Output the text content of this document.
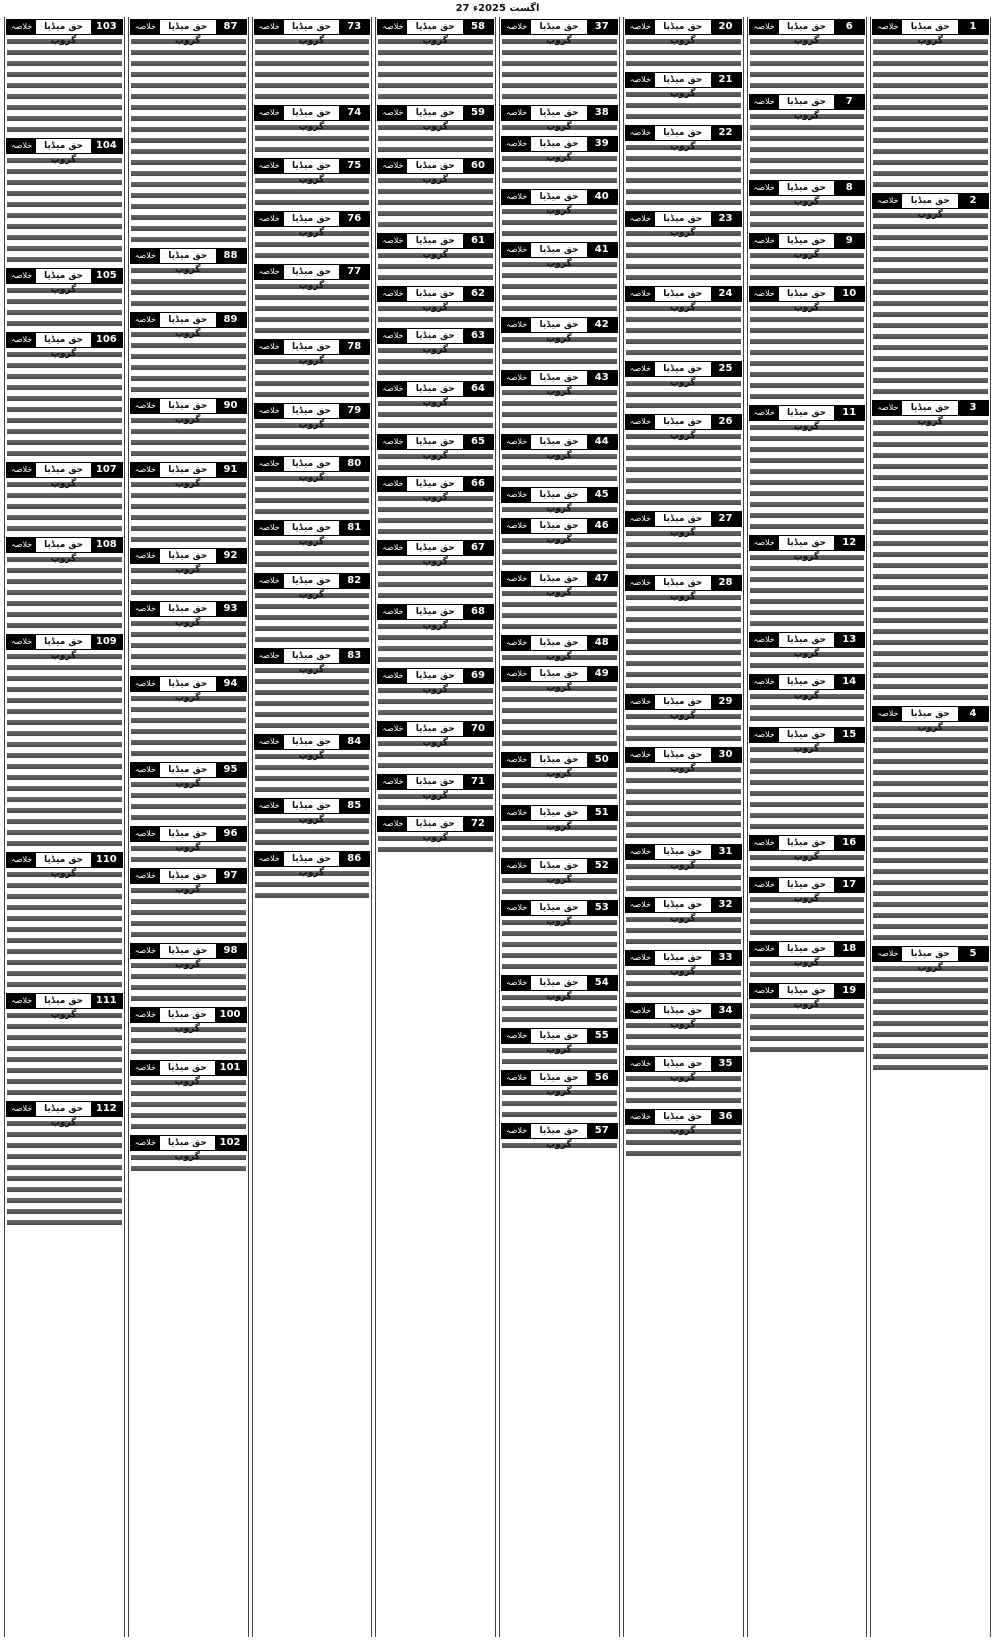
27 اگست 2025ء
1
حق میڈیا گروپ
خلاصہ
2
حق میڈیا گروپ
خلاصہ
3
حق میڈیا گروپ
خلاصہ
4
حق میڈیا گروپ
خلاصہ
5
حق میڈیا گروپ
خلاصہ
6
حق میڈیا گروپ
خلاصہ
7
حق میڈیا گروپ
خلاصہ
8
حق میڈیا گروپ
خلاصہ
9
حق میڈیا گروپ
خلاصہ
10
حق میڈیا گروپ
خلاصہ
11
حق میڈیا گروپ
خلاصہ
12
حق میڈیا گروپ
خلاصہ
13
حق میڈیا گروپ
خلاصہ
14
حق میڈیا گروپ
خلاصہ
15
حق میڈیا گروپ
خلاصہ
16
حق میڈیا گروپ
خلاصہ
17
حق میڈیا گروپ
خلاصہ
18
حق میڈیا گروپ
خلاصہ
19
حق میڈیا گروپ
خلاصہ
20
حق میڈیا گروپ
خلاصہ
21
حق میڈیا گروپ
خلاصہ
22
حق میڈیا گروپ
خلاصہ
23
حق میڈیا گروپ
خلاصہ
24
حق میڈیا گروپ
خلاصہ
25
حق میڈیا گروپ
خلاصہ
26
حق میڈیا گروپ
خلاصہ
27
حق میڈیا گروپ
خلاصہ
28
حق میڈیا گروپ
خلاصہ
29
حق میڈیا گروپ
خلاصہ
30
حق میڈیا گروپ
خلاصہ
31
حق میڈیا گروپ
خلاصہ
32
حق میڈیا گروپ
خلاصہ
33
حق میڈیا گروپ
خلاصہ
34
حق میڈیا گروپ
خلاصہ
35
حق میڈیا گروپ
خلاصہ
36
حق میڈیا گروپ
خلاصہ
37
حق میڈیا گروپ
خلاصہ
38
حق میڈیا گروپ
خلاصہ
39
حق میڈیا گروپ
خلاصہ
40
حق میڈیا گروپ
خلاصہ
41
حق میڈیا گروپ
خلاصہ
42
حق میڈیا گروپ
خلاصہ
43
حق میڈیا گروپ
خلاصہ
44
حق میڈیا گروپ
خلاصہ
45
حق میڈیا گروپ
خلاصہ
46
حق میڈیا گروپ
خلاصہ
47
حق میڈیا گروپ
خلاصہ
48
حق میڈیا گروپ
خلاصہ
49
حق میڈیا گروپ
خلاصہ
50
حق میڈیا گروپ
خلاصہ
51
حق میڈیا گروپ
خلاصہ
52
حق میڈیا گروپ
خلاصہ
53
حق میڈیا گروپ
خلاصہ
54
حق میڈیا گروپ
خلاصہ
55
حق میڈیا گروپ
خلاصہ
56
حق میڈیا گروپ
خلاصہ
57
حق میڈیا گروپ
خلاصہ
58
حق میڈیا گروپ
خلاصہ
59
حق میڈیا گروپ
خلاصہ
60
حق میڈیا گروپ
خلاصہ
61
حق میڈیا گروپ
خلاصہ
62
حق میڈیا گروپ
خلاصہ
63
حق میڈیا گروپ
خلاصہ
64
حق میڈیا گروپ
خلاصہ
65
حق میڈیا گروپ
خلاصہ
66
حق میڈیا گروپ
خلاصہ
67
حق میڈیا گروپ
خلاصہ
68
حق میڈیا گروپ
خلاصہ
69
حق میڈیا گروپ
خلاصہ
70
حق میڈیا گروپ
خلاصہ
71
حق میڈیا گروپ
خلاصہ
72
حق میڈیا گروپ
خلاصہ
73
حق میڈیا گروپ
خلاصہ
74
حق میڈیا گروپ
خلاصہ
75
حق میڈیا گروپ
خلاصہ
76
حق میڈیا گروپ
خلاصہ
77
حق میڈیا گروپ
خلاصہ
78
حق میڈیا گروپ
خلاصہ
79
حق میڈیا گروپ
خلاصہ
80
حق میڈیا گروپ
خلاصہ
81
حق میڈیا گروپ
خلاصہ
82
حق میڈیا گروپ
خلاصہ
83
حق میڈیا گروپ
خلاصہ
84
حق میڈیا گروپ
خلاصہ
85
حق میڈیا گروپ
خلاصہ
86
حق میڈیا گروپ
خلاصہ
87
حق میڈیا گروپ
خلاصہ
88
حق میڈیا گروپ
خلاصہ
89
حق میڈیا گروپ
خلاصہ
90
حق میڈیا گروپ
خلاصہ
91
حق میڈیا گروپ
خلاصہ
92
حق میڈیا گروپ
خلاصہ
93
حق میڈیا گروپ
خلاصہ
94
حق میڈیا گروپ
خلاصہ
95
حق میڈیا گروپ
خلاصہ
96
حق میڈیا گروپ
خلاصہ
97
حق میڈیا گروپ
خلاصہ
98
حق میڈیا گروپ
خلاصہ
100
حق میڈیا گروپ
خلاصہ
101
حق میڈیا گروپ
خلاصہ
102
حق میڈیا گروپ
خلاصہ
103
حق میڈیا گروپ
خلاصہ
104
حق میڈیا گروپ
خلاصہ
105
حق میڈیا گروپ
خلاصہ
106
حق میڈیا گروپ
خلاصہ
107
حق میڈیا گروپ
خلاصہ
108
حق میڈیا گروپ
خلاصہ
109
حق میڈیا گروپ
خلاصہ
110
حق میڈیا گروپ
خلاصہ
111
حق میڈیا گروپ
خلاصہ
112
حق میڈیا گروپ
خلاصہ
